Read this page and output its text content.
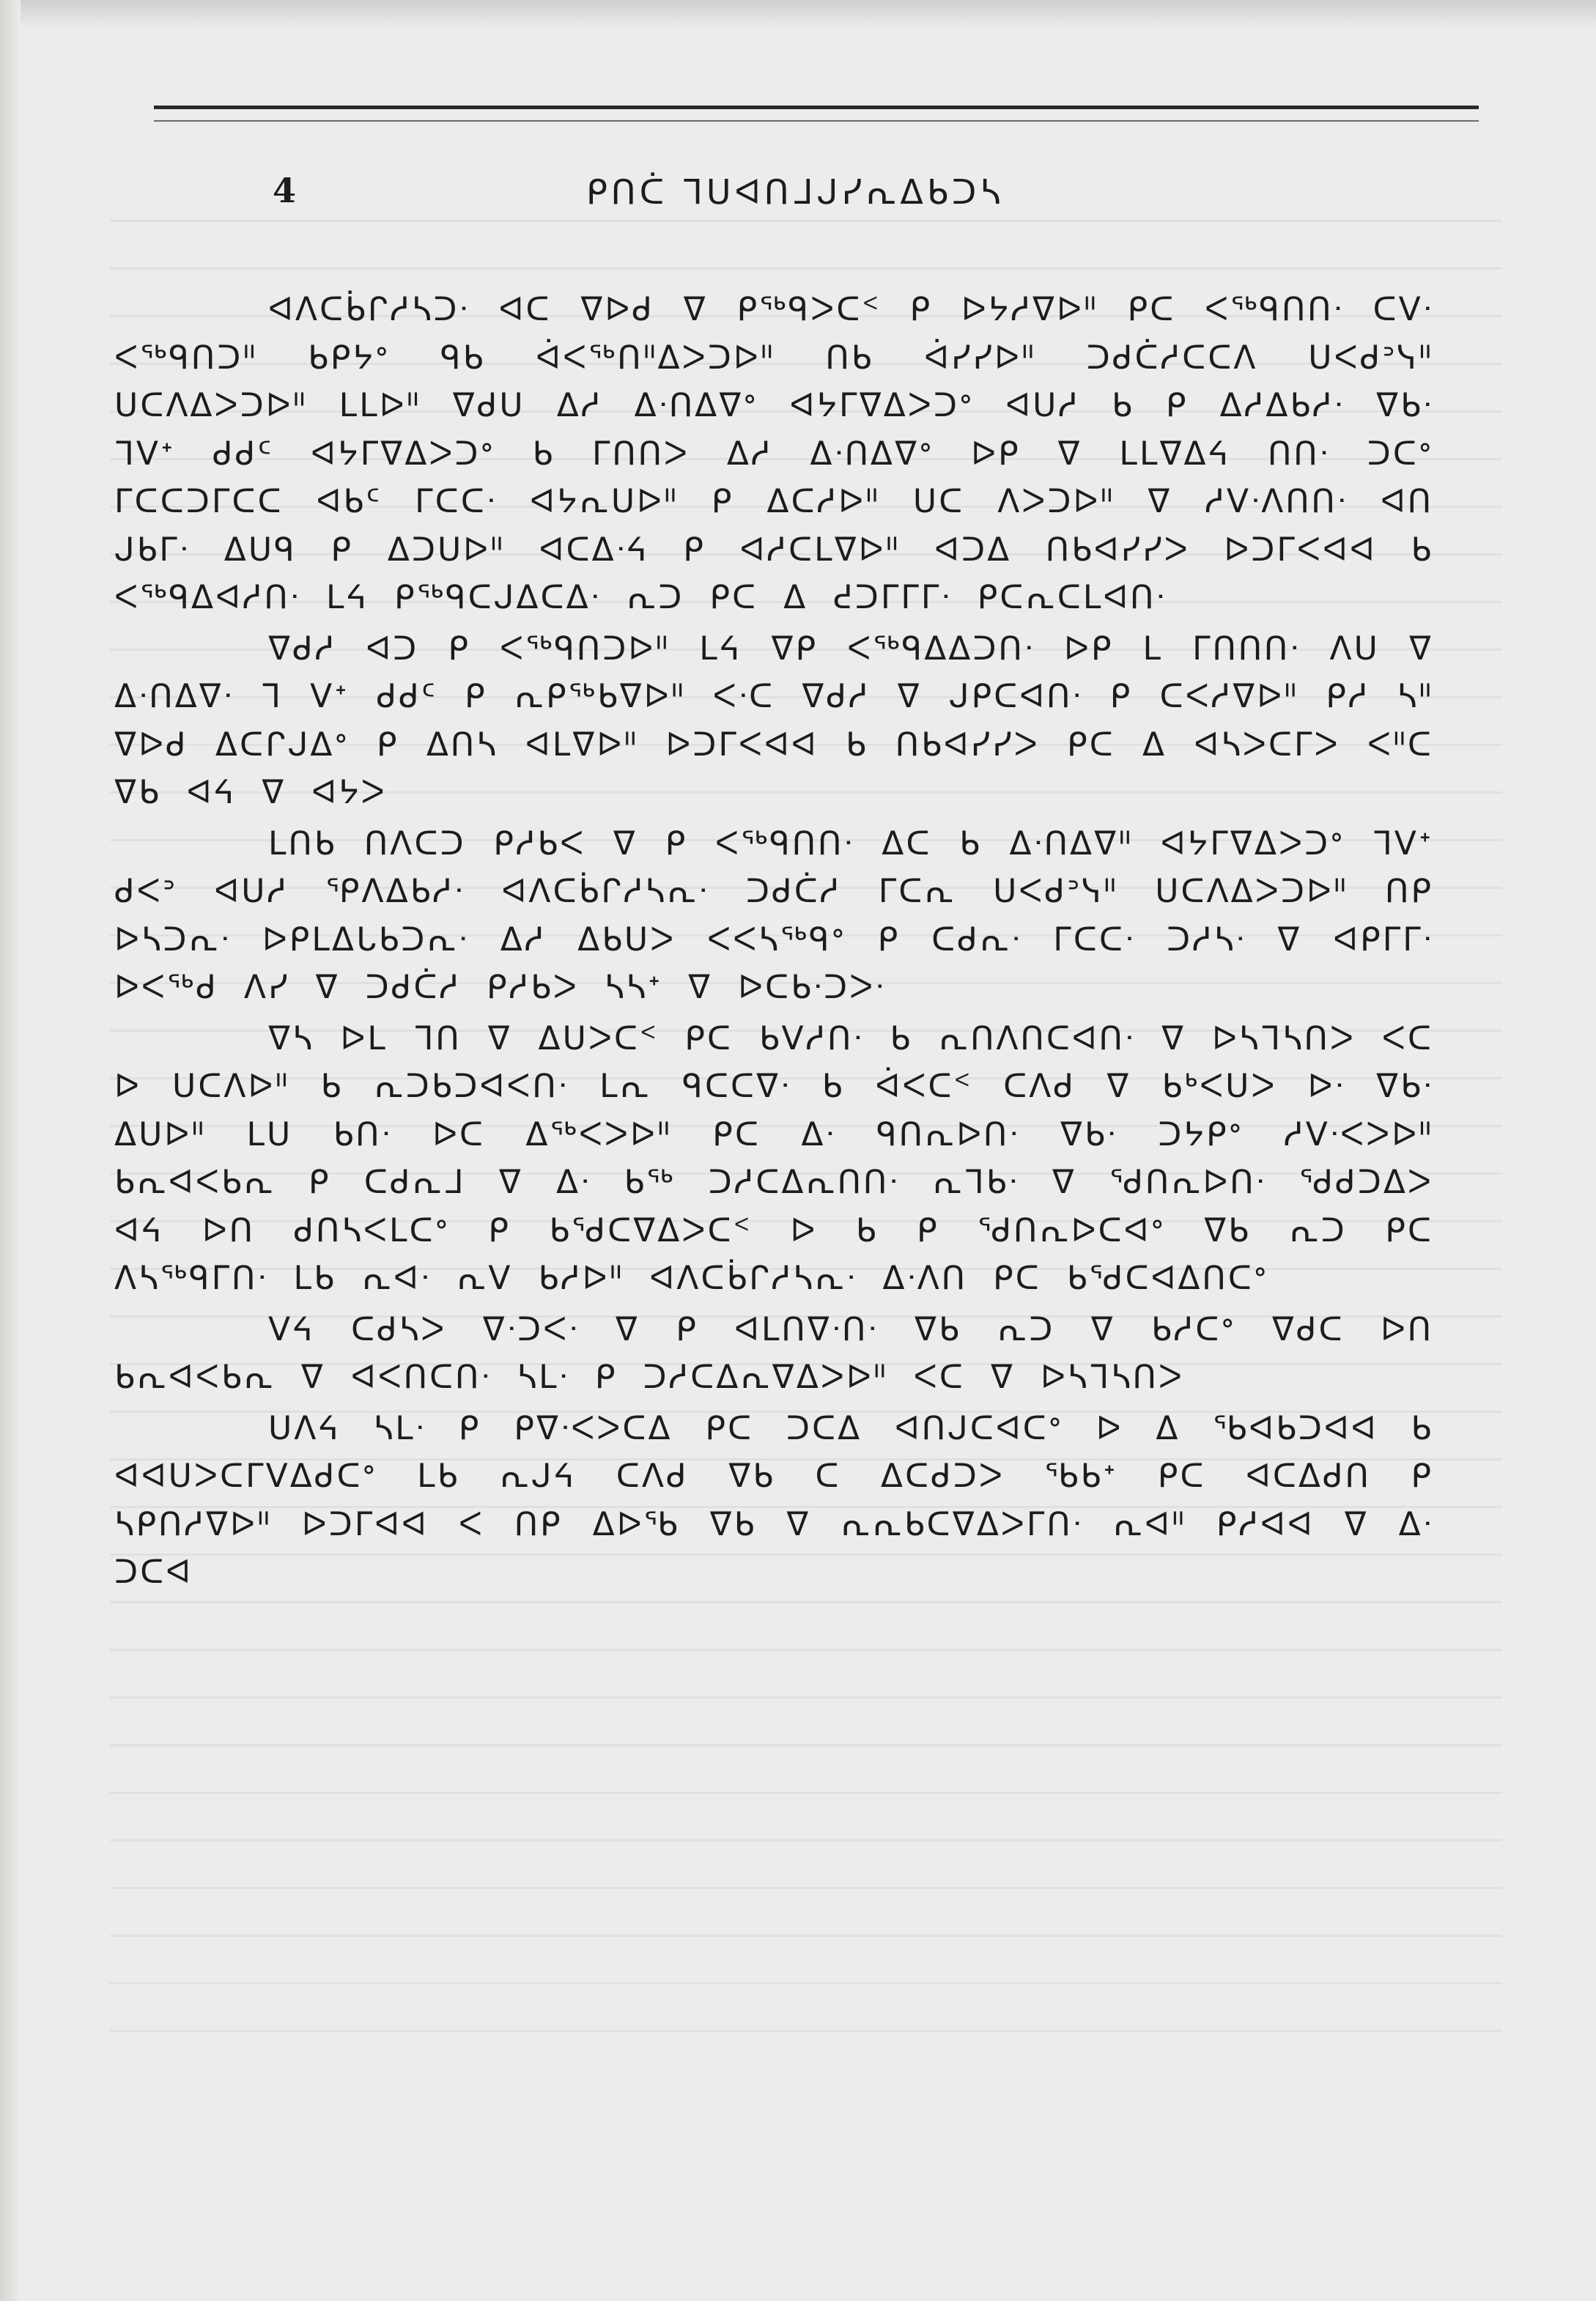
4	ᑭᑎᑖ ᒣᑌᐊᑎᒧᒍᓯᕆᐃᑲᑐᓴ

ᐊᐱᑕᑳᒋᓱᓴᑐᐧ ᐊᑕ ᐁᐅᑯ ᐁ ᑭᖅᑫᐳᑕᑉ ᑭ ᐅᔭᓱᐁᐅᐦ ᑭᑕ ᐸᖅᑫᑎᑎᐧ ᑕᐯᐧ ᐸᖅᑫᑎᑐᐦ ᑲᑭᔭᐤ ᑫᑲ ᐋᐸᖅᑎᐦᐃᐳᑐᐅᐦ ᑎᑲ ᐋᓯᓯᐅᐦ ᑐᑯᑖᓱᑕᑕᐱ ᑌᐸᑯᐣᓭᐦ ᑌᑕᐱᐃᐳᑐᐅᐦ ᒪᒪᐅᐦ ᐁᑯᑌ ᐃᓱ ᐃᐧᑎᐃᐁᐤ ᐊᔭᒥᐁᐃᐳᑐᐤ ᐊᑌᓱ ᑲ ᑭ ᐃᓱᐃᑲᓱᐧ ᐁᑲᐧ ᒣᐯᕀ ᑯᑯᑦ ᐊᔭᒥᐁᐃᐳᑐᐤ ᑲ ᒥᑎᑎᐳ ᐃᓱ ᐃᐧᑎᐃᐁᐤ ᐅᑭ ᐁ ᒪᒪᐁᐃᔦ ᑎᑎᐧ ᑐᑕᐤ ᒥᑕᑕᑐᒥᑕᑕ ᐊᑲᑦ ᒥᑕᑕᐧ ᐊᔭᕆᑌᐅᐦ ᑭ ᐃᑕᓱᐅᐦ ᑌᑕ ᐱᐳᑐᐅᐦ ᐁ ᓱᐯᐧᐱᑎᑎᐧ ᐊᑎ ᒍᑲᒥᐧ ᐃᑌᑫ ᑭ ᐃᑐᑌᐅᐦ ᐊᑕᐃᐧᔦ ᑭ ᐊᓱᑕᒪᐁᐅᐦ ᐊᑐᐃ ᑎᑲᐊᓯᓯᐳ ᐅᑐᒥᐸᐊᐊ ᑲ ᐸᖅᑫᐃᐊᓱᑎᐧ ᒪᔦ ᑭᖅᑫᑕᒍᐃᑕᐃᐧ ᕆᑐ ᑭᑕ ᐃ ᕍᑐᒥᒥᒥᐧ ᑭᑕᕆᑕᒪᐊᑎᐧ

ᐁᑯᓱ ᐊᑐ ᑭ ᐸᖅᑫᑎᑐᐅᐦ ᒪᔦ ᐁᑭ ᐸᖅᑫᐃᐃᑐᑎᐧ ᐅᑭ ᒪ ᒥᑎᑎᑎᐧ ᐱᑌ ᐁ ᐃᐧᑎᐃᐁᐧ ᒣ ᐯᕀ ᑯᑯᑦ ᑭ ᕆᑭᖅᑲᐁᐅᐦ ᐸᐧᑕ ᐁᑯᓱ ᐁ ᒍᑭᑕᐊᑎᐧ ᑭ ᑕᐸᓱᐁᐅᐦ ᑭᓱ ᓴᐦ ᐁᐅᑯ ᐃᑕᒋᒍᐃᐤ ᑭ ᐃᑎᓴ ᐊᒪᐁᐅᐦ ᐅᑐᒥᐸᐊᐊ ᑲ ᑎᑲᐊᓯᓯᐳ ᑭᑕ ᐃ ᐊᓴᐳᑕᒥᐳ ᐸᐦᑕ ᐁᑲ ᐊᔦ ᐁ ᐊᔭᐳ

ᒪᑎᑲ ᑎᐱᑕᑐ ᑭᓱᑲᐸ ᐁ ᑭ ᐸᖅᑫᑎᑎᐧ ᐃᑕ ᑲ ᐃᐧᑎᐃᐁᐦ ᐊᔭᒥᐁᐃᐳᑐᐤ ᒣᐯᕀ ᑯᐸᐣ ᐊᑌᓱ ᕿᐱᐃᑲᓱᐧ ᐊᐱᑕᑳᒋᓱᓴᕆᐧ ᑐᑯᑖᓱ ᒥᑕᕆ ᑌᐸᑯᐣᓭᐦ ᑌᑕᐱᐃᐳᑐᐅᐦ ᑎᑭ ᐅᓴᑐᕆᐧ ᐅᑭᒪᐃᒐᑲᑐᕆᐧ ᐃᓱ ᐃᑲᑌᐳ ᐸᐸᓴᖅᑫᐤ ᑭ ᑕᑯᕆᐧ ᒥᑕᑕᐧ ᑐᓱᓴᐧ ᐁ ᐊᑭᒥᒥᐧ ᐅᐸᖅᑯ ᐱᓯ ᐁ ᑐᑯᑖᓱ ᑭᓱᑲᐳ ᓴᓴᕀ ᐁ ᐅᑕᑲᐧᑐᐳᐧ

ᐁᓴ ᐅᒪ ᒣᑎ ᐁ ᐃᑌᐳᑕᑉ ᑭᑕ ᑲᐯᓱᑎᐧ ᑲ ᕆᑎᐱᑎᑕᐊᑎᐧ ᐁ ᐅᓴᒣᓴᑎᐳ ᐸᑕ ᐅ ᑌᑕᐱᐅᐦ ᑲ ᕆᑐᑲᑐᐊᐸᑎᐧ ᒪᕆ ᑫᑕᑕᐁᐧ ᑲ ᐋᐸᑕᑉ ᑕᐱᑯ ᐁ ᑲᒃᐸᑌᐳ ᐅᐧ ᐁᑲᐧ ᐃᑌᐅᐦ ᒪᑌ ᑲᑎᐧ ᐅᑕ ᐃᖅᐸᐳᐅᐦ ᑭᑕ ᐃᐧ ᑫᑎᕆᐅᑎᐧ ᐁᑲᐧ ᑐᔭᑭᐤ ᓱᐯᐧᐸᐳᐅᐦ ᑲᕆᐊᐸᑲᕆ ᑭ ᑕᑯᕆᒧ ᐁ ᐃᐧ ᑲᖅ ᑐᓱᑕᐃᕆᑎᑎᐧ ᕆᒣᑲᐧ ᐁ ᖁᑎᕆᐅᑎᐧ ᖁᑯᑐᐃᐳ ᐊᔦ ᐅᑎ ᑯᑎᓴᐸᒪᑕᐤ ᑭ ᑲᖁᑕᐁᐃᐳᑕᑉ ᐅ ᑲ ᑭ ᖁᑎᕆᐅᑕᐊᐤ ᐁᑲ ᕆᑐ ᑭᑕ ᐱᓴᖅᑫᒥᑎᐧ ᒪᑲ ᕆᐊᐧ ᕆᐯ ᑲᓱᐅᐦ ᐊᐱᑕᑳᒋᓱᓴᕆᐧ ᐃᐧᐱᑎ ᑭᑕ ᑲᖁᑕᐊᐃᑎᑕᐤ

ᐯᔦ ᑕᑯᓴᐳ ᐁᐧᑐᐸᐧ ᐁ ᑭ ᐊᒪᑎᐁᐧᑎᐧ ᐁᑲ ᕆᑐ ᐁ ᑲᓱᑕᐤ ᐁᑯᑕ ᐅᑎ ᑲᕆᐊᐸᑲᕆ ᐁ ᐊᐸᑎᑕᑎᐧ ᓴᒪᐧ ᑭ ᑐᓱᑕᐃᕆᐁᐃᐳᐅᐦ ᐸᑕ ᐁ ᐅᓴᒣᓴᑎᐳ

ᑌᐱᔦ ᓴᒪᐧ ᑭ ᑭᐁᐧᐸᐳᑕᐃ ᑭᑕ ᑐᑕᐃ ᐊᑎᒍᑕᐊᑕᐤ ᐅ ᐃ ᖃᐊᑲᑐᐊᐊ ᑲ ᐊᐊᑌᐳᑕᒥᐯᐃᑯᑕᐤ ᒪᑲ ᕆᒍᔦ ᑕᐱᑯ ᐁᑲ ᑕ ᐃᑕᑯᑐᐳ ᖃᑲᐩ ᑭᑕ ᐊᑕᐃᑯᑎ ᑭ ᓴᑭᑎᓱᐁᐅᐦ ᐅᑐᒥᐊᐊ ᐸ ᑎᑭ ᐃᐅᖃ ᐁᑲ ᐁ ᕆᕆᑲᑕᐁᐃᐳᒥᑎᐧ ᕆᐊᐦ ᑭᓱᐊᐊ ᐁ ᐃᐧ ᑐᑕᐊ
